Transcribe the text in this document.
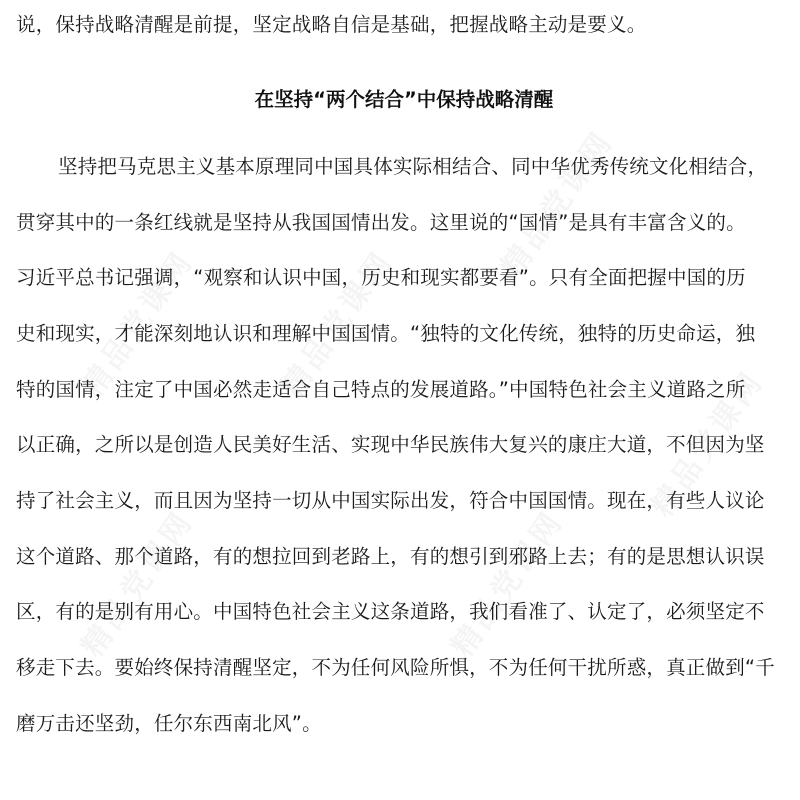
说，保持战略清醒是前提，坚定战略自信是基础，把握战略主动是要义。
在坚持“两个结合”中保持战略清醒
坚持把马克思主义基本原理同中国具体实际相结合、同中华优秀传统文化相结合，
贯穿其中的一条红线就是坚持从我国国情出发。这里说的“国情”是具有丰富含义的。
习近平总书记强调，“观察和认识中国，历史和现实都要看”。只有全面把握中国的历
史和现实，才能深刻地认识和理解中国国情。“独特的文化传统，独特的历史命运，独
特的国情，注定了中国必然走适合自己特点的发展道路。”中国特色社会主义道路之所
以正确，之所以是创造人民美好生活、实现中华民族伟大复兴的康庄大道，不但因为坚
持了社会主义，而且因为坚持一切从中国实际出发，符合中国国情。现在，有些人议论
这个道路、那个道路，有的想拉回到老路上，有的想引到邪路上去；有的是思想认识误
区，有的是别有用心。中国特色社会主义这条道路，我们看准了、认定了，必须坚定不
移走下去。要始终保持清醒坚定，不为任何风险所惧，不为任何干扰所惑，真正做到“千
磨万击还坚劲，任尔东西南北风”。
